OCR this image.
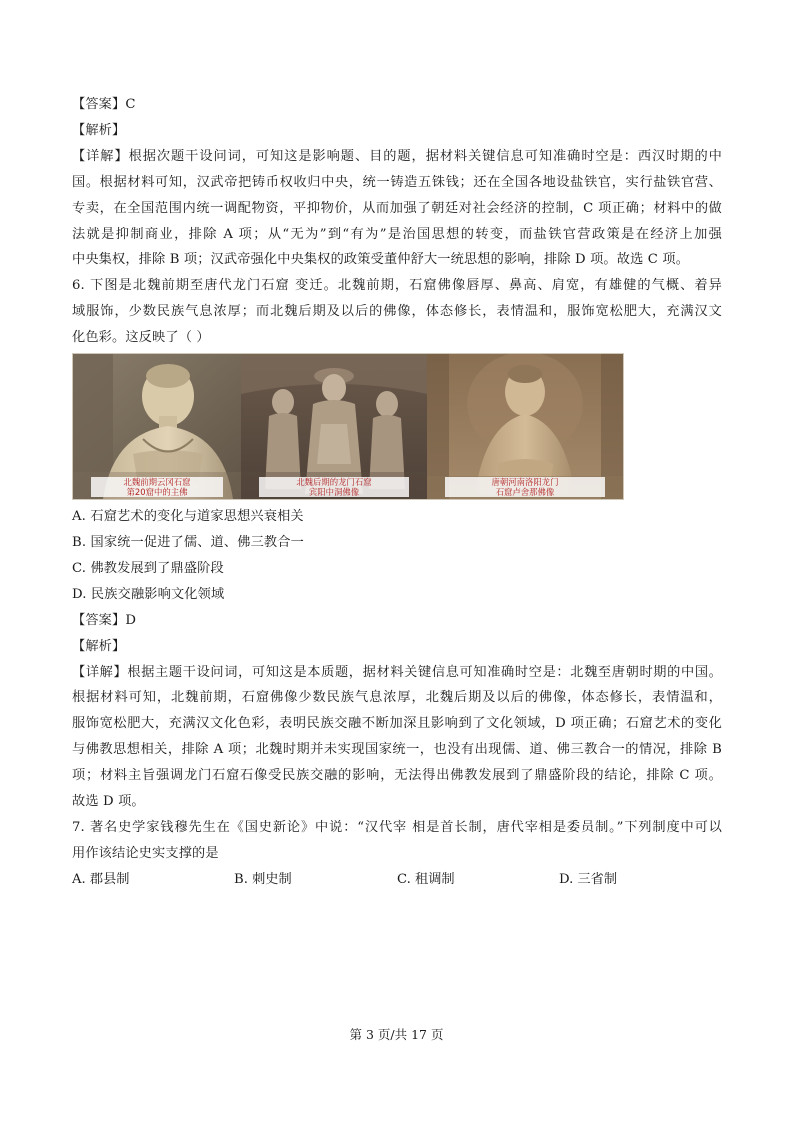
【答案】C
【解析】
【详解】根据次题干设问词，可知这是影响题、目的题，据材料关键信息可知准确时空是：西汉时期的中
国。根据材料可知，汉武帝把铸币权收归中央，统一铸造五铢钱；还在全国各地设盐铁官，实行盐铁官营、
专卖，在全国范围内统一调配物资，平抑物价，从而加强了朝廷对社会经济的控制，C 项正确；材料中的做
法就是抑制商业，排除 A 项；从“无为”到“有为”是治国思想的转变，而盐铁官营政策是在经济上加强
中央集权，排除 B 项；汉武帝强化中央集权的政策受董仲舒大一统思想的影响，排除 D 项。故选 C 项。
6. 下图是北魏前期至唐代龙门石窟 变迁。北魏前期，石窟佛像唇厚、鼻高、肩宽，有雄健的气概、着异
域服饰，少数民族气息浓厚；而北魏后期及以后的佛像，体态修长，表情温和，服饰宽松肥大，充满汉文
化色彩。这反映了（ ）
北魏前期云冈石窟
第20窟中的主佛
北魏后期的龙门石窟
宾阳中洞佛像
唐朝河南洛阳龙门
石窟卢舍那佛像
A. 石窟艺术的变化与道家思想兴衰相关
B. 国家统一促进了儒、道、佛三教合一
C. 佛教发展到了鼎盛阶段
D. 民族交融影响文化领域
【答案】D
【解析】
【详解】根据主题干设问词，可知这是本质题，据材料关键信息可知准确时空是：北魏至唐朝时期的中国。
根据材料可知，北魏前期，石窟佛像少数民族气息浓厚，北魏后期及以后的佛像，体态修长，表情温和，
服饰宽松肥大，充满汉文化色彩，表明民族交融不断加深且影响到了文化领域，D 项正确；石窟艺术的变化
与佛教思想相关，排除 A 项；北魏时期并未实现国家统一，也没有出现儒、道、佛三教合一的情况，排除 B
项；材料主旨强调龙门石窟石像受民族交融的影响，无法得出佛教发展到了鼎盛阶段的结论，排除 C 项。
故选 D 项。
7. 著名史学家钱穆先生在《国史新论》中说：“汉代宰 相是首长制，唐代宰相是委员制。”下列制度中可以
用作该结论史实支撑的是
A. 郡县制	B. 刺史制	C. 租调制	D. 三省制
第 3 页/共 17 页
